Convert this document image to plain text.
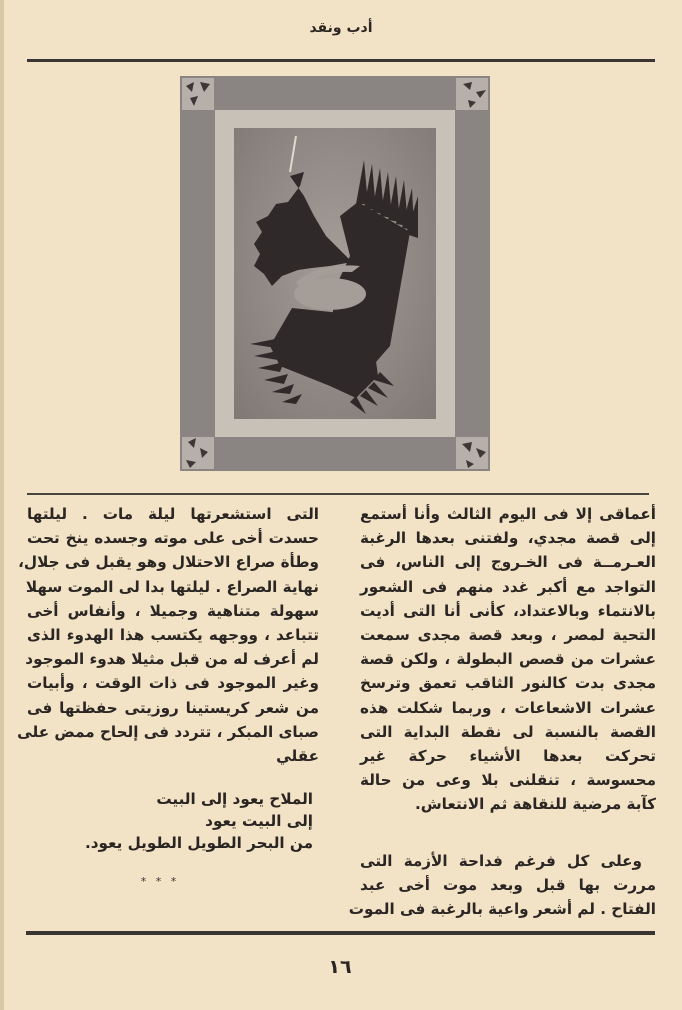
أدب ونقد

أعماقى إلا فى اليوم الثالث وأنا أستمع
إلى قصة مجدي، ولفتنى بعدها الرغبة
العـرمــة فى الخـروج إلى الناس، فى
التواجد مع أكبر غدد منهم فى الشعور
بالانتماء وبالاعتداد، كأنى أنا التى أديت
التحية لمصر ، وبعد قصة مجدى سمعت
عشرات من قصص البطولة ، ولكن قصة
مجدى بدت كالنور الثاقب تعمق وترسخ
عشرات الاشعاعات ، وربما شكلت هذه
القصة بالنسبة لى نقطة البداية التى
تحركت بعدها الأشياء حركة غير
محسوسة ، تنقلنى بلا وعى من حالة
كآبة مرضية للنقاهة ثم الانتعاش.

وعلى كل فرغم فداحة الأزمة التى
مررت بها قبل وبعد موت أخى عبد
الفتاح . لم أشعر واعية بالرغبة فى الموت

التى استشعرتها ليلة مات . ليلتها
حسدت أخى على موته وجسده ينخ تحت
وطأة صراع الاحتلال وهو يقبل فى جلال،
نهاية الصراع . ليلتها بدا لى الموت سهلا
سهولة متناهية وجميلا ، وأنفاس أخى
تتباعد ، ووجهه يكتسب هذا الهدوء الذى
لم أعرف له من قبل مثيلا هدوء الموجود
وغير الموجود فى ذات الوقت ، وأبيات
من شعر كريستينا روزيتى حفظتها فى
صباى المبكر ، تتردد فى إلحاح ممض على
عقلي

الملاح يعود إلى البيت
إلى البيت يعود
من البحر الطويل الطويل يعود.
* * *
١٦
